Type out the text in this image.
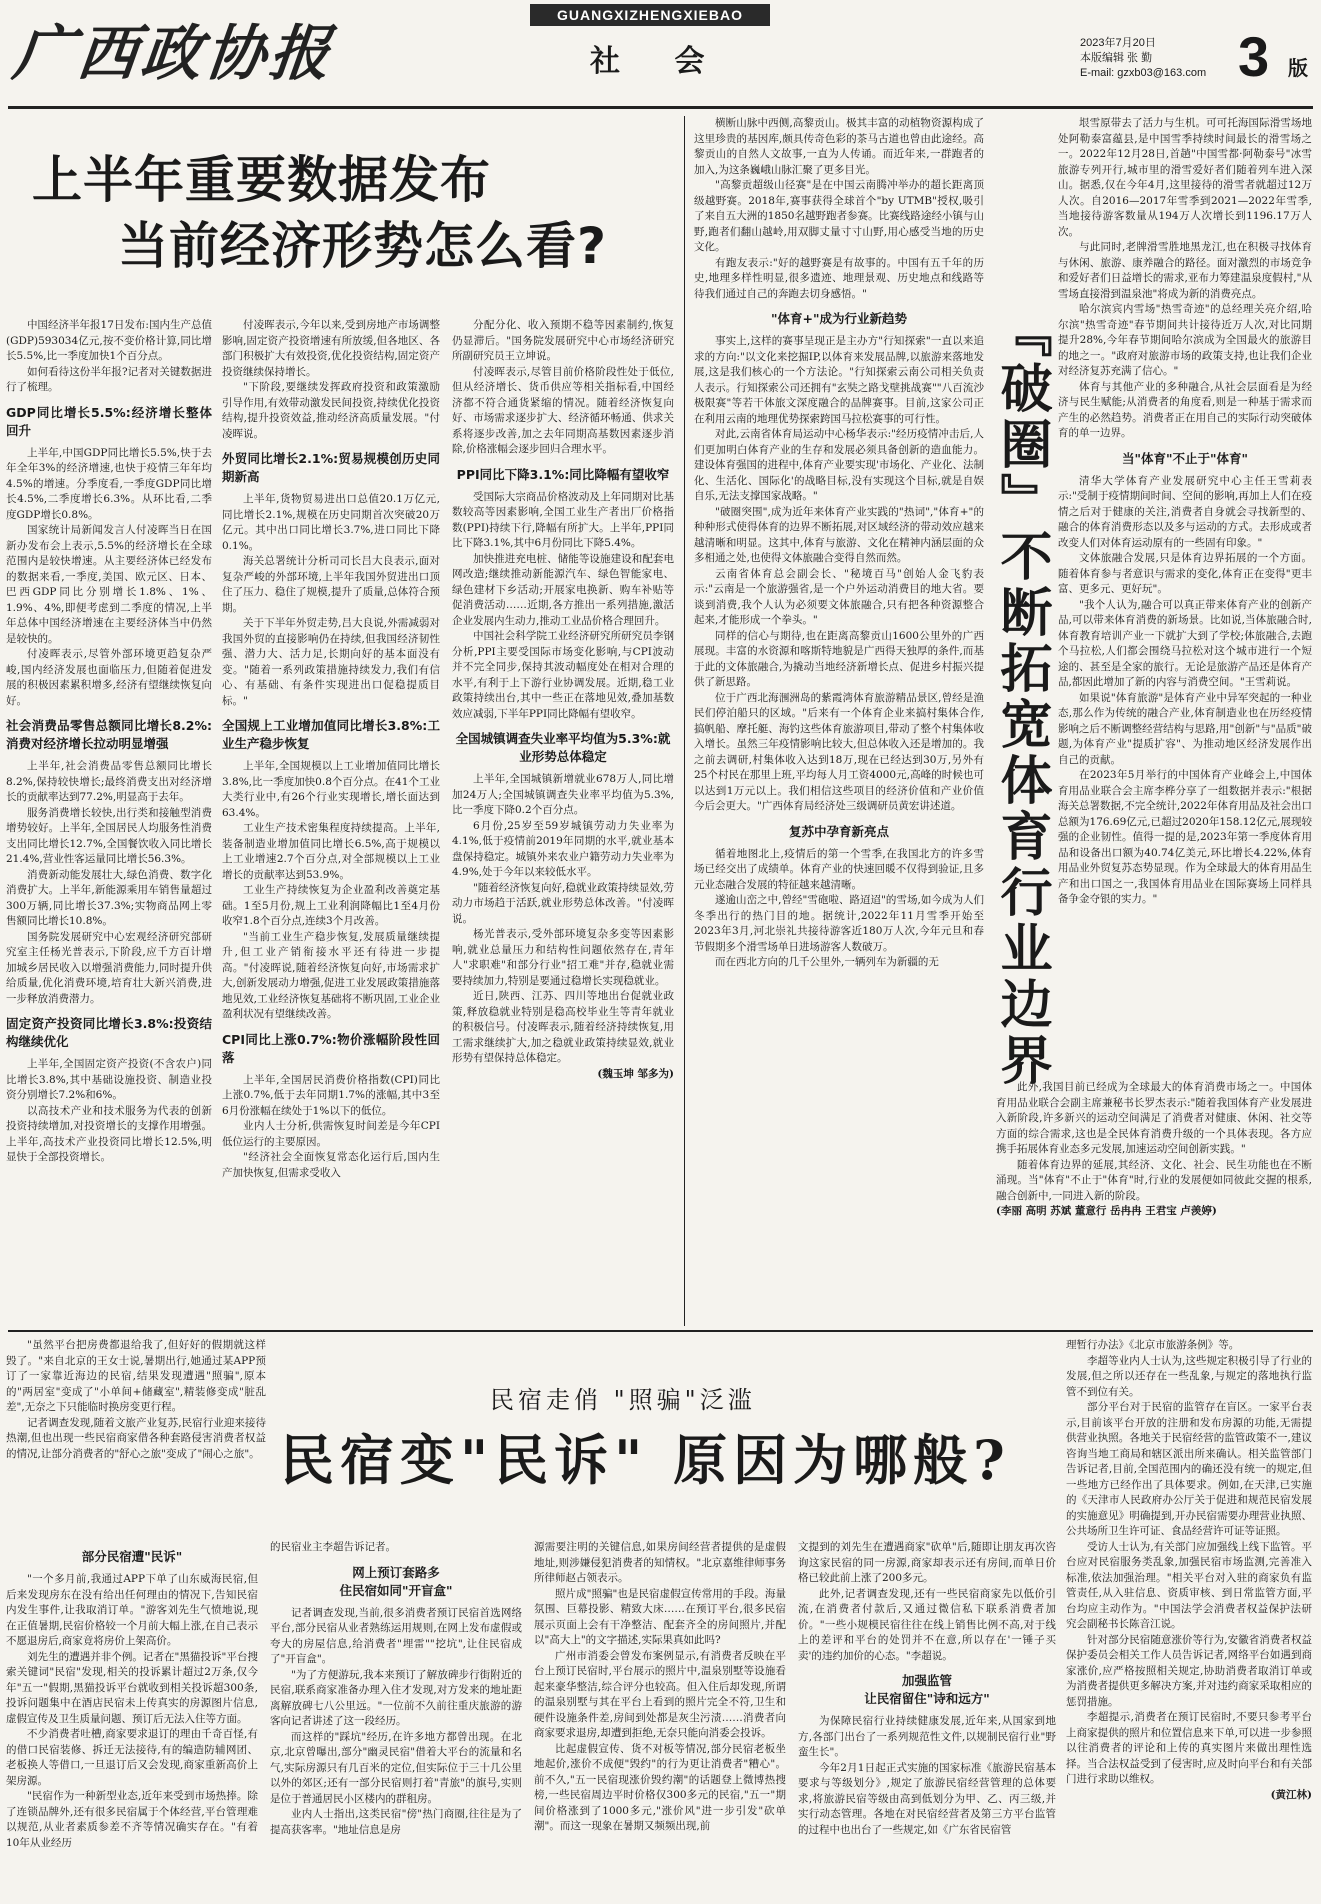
广西政协报
GUANGXIZHENGXIEBAO
社 会
2023年7月20日
本版编辑 张 勤
E-mail: gzxb03@163.com 3 版
上半年重要数据发布
当前经济形势怎么看?

中国经济半年报17日发布:国内生产总值(GDP)593034亿元,按不变价格计算,同比增长5.5%,比一季度加快1个百分点。

如何看待这份半年报?记者对关键数据进行了梳理。

GDP同比增长5.5%:经济增长整体回升

上半年,中国GDP同比增长5.5%,快于去年全年3%的经济增速,也快于疫情三年年均4.5%的增速。分季度看,一季度GDP同比增长4.5%,二季度增长6.3%。从环比看,二季度GDP增长0.8%。

国家统计局新闻发言人付凌晖当日在国新办发布会上表示,5.5%的经济增长在全球范围内是较快增速。从主要经济体已经发布的数据来看,一季度,美国、欧元区、日本、巴西GDP同比分别增长1.8%、1%、1.9%、4%,即便考虑到二季度的情况,上半年总体中国经济增速在主要经济体当中仍然是较快的。

付凌晖表示,尽管外部环境更趋复杂严峻,国内经济发展也面临压力,但随着促进发展的积极因素累积增多,经济有望继续恢复向好。

社会消费品零售总额同比增长8.2%:消费对经济增长拉动明显增强

上半年,社会消费品零售总额同比增长8.2%,保持较快增长;最终消费支出对经济增长的贡献率达到77.2%,明显高于去年。

服务消费增长较快,出行类和接触型消费增势较好。上半年,全国居民人均服务性消费支出同比增长12.7%,全国餐饮收入同比增长21.4%,营业性客运量同比增长56.3%。

消费新动能发展壮大,绿色消费、数字化消费扩大。上半年,新能源乘用车销售量超过300万辆,同比增长37.3%;实物商品网上零售额同比增长10.8%。

国务院发展研究中心宏观经济研究部研究室主任杨光普表示,下阶段,应千方百计增加城乡居民收入以增强消费能力,同时提升供给质量,优化消费环境,培育壮大新兴消费,进一步释放消费潜力。

固定资产投资同比增长3.8%:投资结构继续优化

上半年,全国固定资产投资(不含农户)同比增长3.8%,其中基础设施投资、制造业投资分别增长7.2%和6%。

以高技术产业和技术服务为代表的创新投资持续增加,对投资增长的支撑作用增强。上半年,高技术产业投资同比增长12.5%,明显快于全部投资增长。

付凌晖表示,今年以来,受到房地产市场调整影响,固定资产投资增速有所放缓,但各地区、各部门积极扩大有效投资,优化投资结构,固定资产投资继续保持增长。

"下阶段,要继续发挥政府投资和政策激励引导作用,有效带动激发民间投资,持续优化投资结构,提升投资效益,推动经济高质量发展。"付凌晖说。

外贸同比增长2.1%:贸易规模创历史同期新高

上半年,货物贸易进出口总值20.1万亿元,同比增长2.1%,规模在历史同期首次突破20万亿元。其中出口同比增长3.7%,进口同比下降0.1%。

海关总署统计分析司司长吕大良表示,面对复杂严峻的外部环境,上半年我国外贸进出口顶住了压力、稳住了规模,提升了质量,总体符合预期。

关于下半年外贸走势,吕大良说,外需减弱对我国外贸的直接影响仍在持续,但我国经济韧性强、潜力大、活力足,长期向好的基本面没有变。"随着一系列政策措施持续发力,我们有信心、有基础、有条件实现进出口促稳提质目标。"

全国规上工业增加值同比增长3.8%:工业生产稳步恢复

上半年,全国规模以上工业增加值同比增长3.8%,比一季度加快0.8个百分点。在41个工业大类行业中,有26个行业实现增长,增长面达到63.4%。

工业生产技术密集程度持续提高。上半年,装备制造业增加值同比增长6.5%,高于规模以上工业增速2.7个百分点,对全部规模以上工业增长的贡献率达到53.9%。

工业生产持续恢复为企业盈利改善奠定基础。1至5月份,规上工业利润降幅比1至4月份收窄1.8个百分点,连续3个月改善。

"当前工业生产稳步恢复,发展质量继续提升,但工业产销衔接水平还有待进一步提高。"付凌晖说,随着经济恢复向好,市场需求扩大,创新发展动力增强,促进工业发展政策措施落地见效,工业经济恢复基础将不断巩固,工业企业盈利状况有望继续改善。

CPI同比上涨0.7%:物价涨幅阶段性回落

上半年,全国居民消费价格指数(CPI)同比上涨0.7%,低于去年同期1.7%的涨幅,其中3至6月份涨幅在续处于1%以下的低位。

业内人士分析,供需恢复时间差是今年CPI低位运行的主要原因。

"经济社会全面恢复常态化运行后,国内生产加快恢复,但需求受收入

分配分化、收入预期不稳等因素制约,恢复仍显滞后。"国务院发展研究中心市场经济研究所副研究员王立坤说。

付凌晖表示,尽管目前价格阶段性处于低位,但从经济增长、货币供应等相关指标看,中国经济都不符合通货紧缩的情况。随着经济恢复向好、市场需求逐步扩大、经济循环畅通、供求关系将逐步改善,加之去年同期高基数因素逐步消除,价格涨幅会逐步回归合理水平。

PPI同比下降3.1%:同比降幅有望收窄

受国际大宗商品价格波动及上年同期对比基数较高等因素影响,全国工业生产者出厂价格指数(PPI)持续下行,降幅有所扩大。上半年,PPI同比下降3.1%,其中6月份同比下降5.4%。

加快推进充电桩、储能等设施建设和配套电网改造;继续推动新能源汽车、绿色智能家电、绿色建材下乡活动;开展家电换新、购车补贴等促消费活动……近期,各方推出一系列措施,激活企业发展内生动力,推动工业品价格合理回升。

中国社会科学院工业经济研究所研究员李钢分析,PPI主要受国际市场变化影响,与CPI波动并不完全同步,保持其波动幅度处在相对合理的水平,有利于上下游行业协调发展。近期,稳工业政策持续出台,其中一些正在落地见效,叠加基数效应减弱,下半年PPI同比降幅有望收窄。

全国城镇调查失业率平均值为5.3%:就业形势总体稳定

上半年,全国城镇新增就业678万人,同比增加24万人;全国城镇调查失业率平均值为5.3%,比一季度下降0.2个百分点。

6月份,25岁至59岁城镇劳动力失业率为4.1%,低于疫情前2019年同期的水平,就业基本盘保持稳定。城镇外来农业户籍劳动力失业率为4.9%,处于今年以来较低水平。

"随着经济恢复向好,稳就业政策持续显效,劳动力市场趋于活跃,就业形势总体改善。"付凌晖说。

杨光普表示,受外部环境复杂多变等因素影响,就业总量压力和结构性问题依然存在,青年人"求职难"和部分行业"招工难"并存,稳就业需要持续加力,特别是要通过稳增长实现稳就业。

近日,陕西、江苏、四川等地出台促就业政策,释放稳就业特别是稳高校毕业生等青年就业的积极信号。付凌晖表示,随着经济持续恢复,用工需求继续扩大,加之稳就业政策持续显效,就业形势有望保持总体稳定。

(魏玉坤 邹多为)

横断山脉中西侧,高黎贡山。极其丰富的动植物资源构成了这里珍贵的基因库,颇具传奇色彩的茶马古道也曾由此途经。高黎贡山的自然人文故事,一直为人传诵。而近年来,一群跑者的加入,为这条巍峨山脉汇聚了更多目光。

"高黎贡超级山径赛"是在中国云南腾冲举办的超长距离顶级越野赛。2018年,赛事获得全球首个"by UTMB"授权,吸引了来自五大洲的1850名越野跑者参赛。比赛线路途经小镇与山野,跑者们翻山越岭,用双脚丈量寸寸山野,用心感受当地的历史文化。

有跑友表示:"好的越野赛是有故事的。中国有五千年的历史,地理多样性明显,很多遗迹、地理景观、历史地点和线路等待我们通过自己的奔跑去切身感悟。"

"体育+"成为行业新趋势

事实上,这样的赛事呈现正是主办方"行知探索"一直以来追求的方向:"以文化来挖掘IP,以体育来发展品牌,以旅游来落地发展,这是我们核心的一个方法论。"行知探索云南公司相关负责人表示。行知探索公司还拥有"玄奘之路戈壁挑战赛""八百流沙极限赛"等若干体旅文深度融合的品牌赛事。目前,这家公司正在利用云南的地理优势探索跨国马拉松赛事的可行性。

对此,云南省体育局运动中心杨华表示:"经历疫情冲击后,人们更加明白体育产业的生存和发展必须具备创新的造血能力。建设体育强国的进程中,体育产业要实现'市场化、产业化、法制化、生活化、国际化'的战略目标,没有实现这个目标,就是自娱自乐,无法支撑国家战略。"

"破圈突围",成为近年来体育产业实践的"热词","体育+"的种种形式使得体育的边界不断拓展,对区域经济的带动效应越来越清晰和明显。这其中,体育与旅游、文化在精神内涵层面的众多相通之处,也使得文体旅融合变得自然而然。

云南省体育总会副会长、"秘境百马"创始人金飞豹表示:"云南是一个旅游强省,是一个户外运动消费目的地大省。要谈到消费,我个人认为必须要文体旅融合,只有把各种资源整合起来,才能形成一个拳头。"

同样的信心与期待,也在距离高黎贡山1600公里外的广西展现。丰富的水资源和喀斯特地貌是广西得天独厚的条件,而基于此的文体旅融合,为撬动当地经济新增长点、促进乡村振兴提供了新思路。

位于广西北海涠洲岛的紫霞湾体育旅游精品景区,曾经是渔民们停泊船只的区域。"后来有一个体育企业来搞村集体合作,搞帆船、摩托艇、海钓这些体育旅游项目,带动了整个村集体收入增长。虽然三年疫情影响比较大,但总体收入还是增加的。我之前去调研,村集体收入达到18万,现在已经达到30万,另外有25个村民在那里上班,平均每人月工资4000元,高峰的时候也可以达到1万元以上。我们相信这些项目的经济价值和产业价值今后会更大。"广西体育局经济处三级调研员黄宏讲述道。

复苏中孕育新亮点

循着地图北上,疫情后的第一个雪季,在我国北方的许多雪场已经交出了成绩单。体育产业的快速回暖不仅得到验证,且多元业态融合发展的特征越来越清晰。

遂逾山峦之中,曾经"雪砲啦、路迢迢"的雪场,如今成为人们冬季出行的热门目的地。据统计,2022年11月雪季开始至2023年3月,河北崇礼共接待游客近180万人次,今年元旦和春节假期多个滑雪场单日进场游客人数破万。

而在西北方向的几千公里外,一辆列车为新疆的无	『破圈』不断拓宽体育行业边界

垠雪原带去了活力与生机。可可托海国际滑雪场地处阿勒泰富蕴县,是中国雪季持续时间最长的滑雪场之一。2022年12月28日,首趟"中国雪都·阿勒泰号"冰雪旅游专列开行,城市里的滑雪爱好者们随着列车进入深山。据悉,仅在今年4月,这里接待的滑雪者就超过12万人次。自2016—2017年雪季到2021—2022年雪季,当地接待游客数量从194万人次增长到1196.17万人次。

与此同时,老牌滑雪胜地黑龙江,也在积极寻找体育与休闲、旅游、康养融合的路径。面对激烈的市场竞争和爱好者们日益增长的需求,亚布力筹建温泉度假村,"从雪场直接滑到温泉池"将成为新的消费亮点。

哈尔滨宾内雪场"热雪奇迹"的总经理关亮介绍,哈尔滨"热雪奇迹"春节期间共计接待近万人次,对比同期提升28%,今年春节期间哈尔滨成为全国最火的旅游目的地之一。"政府对旅游市场的政策支持,也让我们企业对经济复苏充满了信心。"

体育与其他产业的多种融合,从社会层面看是为经济与民生赋能;从消费者的角度看,则是一种基于需求而产生的必然趋势。消费者正在用自己的实际行动突破体育的单一边界。

当"体育"不止于"体育"

清华大学体育产业发展研究中心主任王雪莉表示:"受制于疫情期间时间、空间的影响,再加上人们在疫情之后对于健康的关注,消费者自身就会寻找新型的、融合的体育消费形态以及多与运动的方式。去形成或者改变人们对体育运动原有的一些固有印象。"

文体旅融合发展,只是体育边界拓展的一个方面。随着体育参与者意识与需求的变化,体育正在变得"更丰富、更多元、更好玩"。

"我个人认为,融合可以真正带来体育产业的创新产品,可以带来体育消费的新场景。比如说,当体旅融合时,体育教育培训产业一下就扩大到了学校;体旅融合,去跑个马拉松,人们都会围绕马拉松对这个城市进行一个短途的、甚至是全家的旅行。无论是旅游产品还是体育产品,都因此增加了新的内容与消费空间。"王雪莉说。

如果说"体育旅游"是体育产业中异军突起的一种业态,那么作为传统的融合产业,体育制造业也在历经疫情影响之后不断调整经营结构与思路,用"创新"与"品质"破题,为体育产业"提质扩容"、为推动地区经济发展作出自己的贡献。

在2023年5月举行的中国体育产业峰会上,中国体育用品业联合会主席李桦分享了一组数据并表示:"根据海关总署数据,不完全统计,2022年体育用品及社会出口总额为176.69亿元,已超过2020年158.12亿元,展现较强的企业韧性。值得一提的是,2023年第一季度体育用品和设备出口额为40.74亿美元,环比增长4.22%,体育用品业外贸复苏态势显现。作为全球最大的体育用品生产和出口国之一,我国体育用品业在国际赛场上同样具备争金夺银的实力。"

此外,我国目前已经成为全球最大的体育消费市场之一。中国体育用品业联合会副主席兼秘书长罗杰表示:"随着我国体育产业发展进入新阶段,许多新兴的运动空间满足了消费者对健康、休闲、社交等方面的综合需求,这也是全民体育消费升级的一个具体表现。各方应携手拓展体育业态多元发展,加速运动空间创新实践。"

随着体育边界的延展,其经济、文化、社会、民生功能也在不断涌现。当"体育"不止于"体育"时,行业的发展便如同彼此交握的根系,融合创新中,一同进入新的阶段。

(李丽 高明 苏斌 董意行 岳冉冉 王君宝 卢羡婷)

"虽然平台把房费都退给我了,但好好的假期就这样毁了。"来自北京的王女士说,暑期出行,她通过某APP预订了一家靠近海边的民宿,结果发现遭遇"照骗",原本的"两居室"变成了"小单间+储藏室",精装修变成"脏乱差",无奈之下只能临时换房变更行程。

记者调查发现,随着文旅产业复苏,民宿行业迎来接待热潮,但也出现一些民宿商家借各种套路侵害消费者权益的情况,让部分消费者的"舒心之旅"变成了"闹心之旅"。

民宿走俏 "照骗"泛滥
民宿变"民诉" 原因为哪般?

理暂行办法》《北京市旅游条例》等。

李超等业内人士认为,这些规定积极引导了行业的发展,但之所以还存在一些乱象,与规定的落地执行监管不到位有关。

部分平台对于民宿的监管存在盲区。一家平台表示,目前该平台开放的注册和发布房源的功能,无需提供营业执照。各地关于民宿经营的监管政策不一,建议咨询当地工商局和辖区派出所来确认。相关监管部门告诉记者,目前,全国范围内的确还没有统一的规定,但一些地方已经作出了具体要求。例如,在天津,已实施的《天津市人民政府办公厅关于促进和规范民宿发展的实施意见》明确提到,开办民宿需要办理营业执照、公共场所卫生许可证、食品经营许可证等证照。

受访人士认为,有关部门应加强线上线下监管。平台应对民宿服务类乱象,加强民宿市场监测,完善准入标准,依法加强治理。"相关平台对入驻的商家负有监管责任,从入驻信息、资质审核、到日常监管方面,平台均应主动作为。"中国法学会消费者权益保护法研究会副秘书长陈音江说。

针对部分民宿随意涨价等行为,安徽省消费者权益保护委员会相关工作人员告诉记者,网络平台如遇到商家涨价,应严格按照相关规定,协助消费者取消订单或为消费者提供更多解决方案,并对违约商家采取相应的惩罚措施。

李超提示,消费者在预订民宿时,不要只参考平台上商家提供的照片和位置信息来下单,可以进一步参照以往消费者的评论和上传的真实图片来做出理性选择。当合法权益受到了侵害时,应及时向平台和有关部门进行求助以维权。

(黄江林)

部分民宿遭"民诉"

"一个多月前,我通过APP下单了山东威海民宿,但后来发现房东在没有给出任何理由的情况下,告知民宿内发生事件,让我取消订单。"游客刘先生气愤地说,现在正值暑期,民宿价格较一个月前大幅上涨,在自己表示不愿退房后,商家竟将房价上架高价。

刘先生的遭遇并非个例。记者在"黑猫投诉"平台搜索关键词"民宿"发现,相关的投诉累计超过2万条,仅今年"五一"假期,黑猫投诉平台就收到相关投诉超300条,投诉问题集中在酒店民宿未上传真实的房源图片信息,虚假宣传及卫生质量问题、预订后无法入住等方面。

不少消费者吐槽,商家要求退订的理由千奇百怪,有的借口民宿装修、拆迁无法接待,有的编造防辅网团、老板换人等借口,一旦退订后又会发现,商家重新高价上架房源。

"民宿作为一种新型业态,近年来受到市场热捧。除了连锁品牌外,还有很多民宿属于个体经营,平台管理难以规范,从业者素质参差不齐等情况确实存在。"有着10年从业经历

的民宿业主李超告诉记者。

网上预订套路多
住民宿如同"开盲盒"

记者调查发现,当前,很多消费者预订民宿首选网络平台,部分民宿从业者熟练运用规则,在网上发布虚假或夸大的房屋信息,给消费者"埋雷""挖坑",让住民宿成了"开盲盒"。

"为了方便游玩,我本来预订了解放碑步行街附近的民宿,联系商家准备办理入住才发现,对方发来的地址距离解放碑七八公里远。"一位前不久前往重庆旅游的游客向记者讲述了这一段经历。

而这样的"踩坑"经历,在许多地方都曾出现。在北京,北京曾曝出,部分"幽灵民宿"借着大平台的流量和名气,实际房源只有几百米的定位,但实际位于三十几公里以外的郊区;还有一部分民宿则打着"青旅"的旗号,实则是位于普通居民小区楼内的群租房。

业内人士指出,这类民宿"傍"热门商圈,往往是为了提高获客率。"地址信息是房

源需要注明的关键信息,如果房间经营者提供的是虚假地址,则涉嫌侵犯消费者的知情权。"北京嘉维律师事务所律师赵占领表示。

照片成"照骗"也是民宿虚假宣传常用的手段。海量氛围、巨幕投影、精致大床……在预订平台,很多民宿展示页面上会有干净整洁、配套齐全的房间照片,并配以"高大上"的文字描述,实际果真如此吗?

广州市消委会曾发布案例显示,有消费者反映在平台上预订民宿时,平台展示的照片中,温泉别墅等设施看起来豪华整洁,综合评分也较高。但入住后却发现,所谓的温泉别墅与其在平台上看到的照片完全不符,卫生和硬件设施条件差,房间到处都是灰尘污渍……消费者向商家要求退房,却遭到拒绝,无奈只能向消委会投诉。

比起虚假宣传、货不对板等情况,部分民宿老板坐地起价,涨价不成便"毁约"的行为更让消费者"糟心"。前不久,"五一民宿现涨价毁约潮"的话题登上微博热搜榜,一些民宿周边平时价格仅300多元的民宿,"五一"期间价格涨到了1000多元,"涨价风"进一步引发"砍单潮"。而这一现象在暑期又频频出现,前

文提到的刘先生在遭遇商家"砍单"后,随即让朋友再次咨询这家民宿的同一房源,商家却表示还有房间,而单日价格已较此前上涨了200多元。

此外,记者调查发现,还有一些民宿商家先以低价引流,在消费者付款后,又通过微信私下联系消费者加价。"一些小规模民宿往往在线上销售比例不高,对于线上的差评和平台的处罚并不在意,所以存在'一锤子买卖'的违约加价的心态。"李超说。

加强监管
让民宿留住"诗和远方"

为保障民宿行业持续健康发展,近年来,从国家到地方,各部门出台了一系列规范性文件,以规制民宿行业"野蛮生长"。

今年2月1日起正式实施的国家标准《旅游民宿基本要求与等级划分》,规定了旅游民宿经营管理的总体要求,将旅游民宿等级由高到低划分为甲、乙、丙三级,并实行动态管理。各地在对民宿经营者及第三方平台监管的过程中也出台了一些规定,如《广东省民宿管
